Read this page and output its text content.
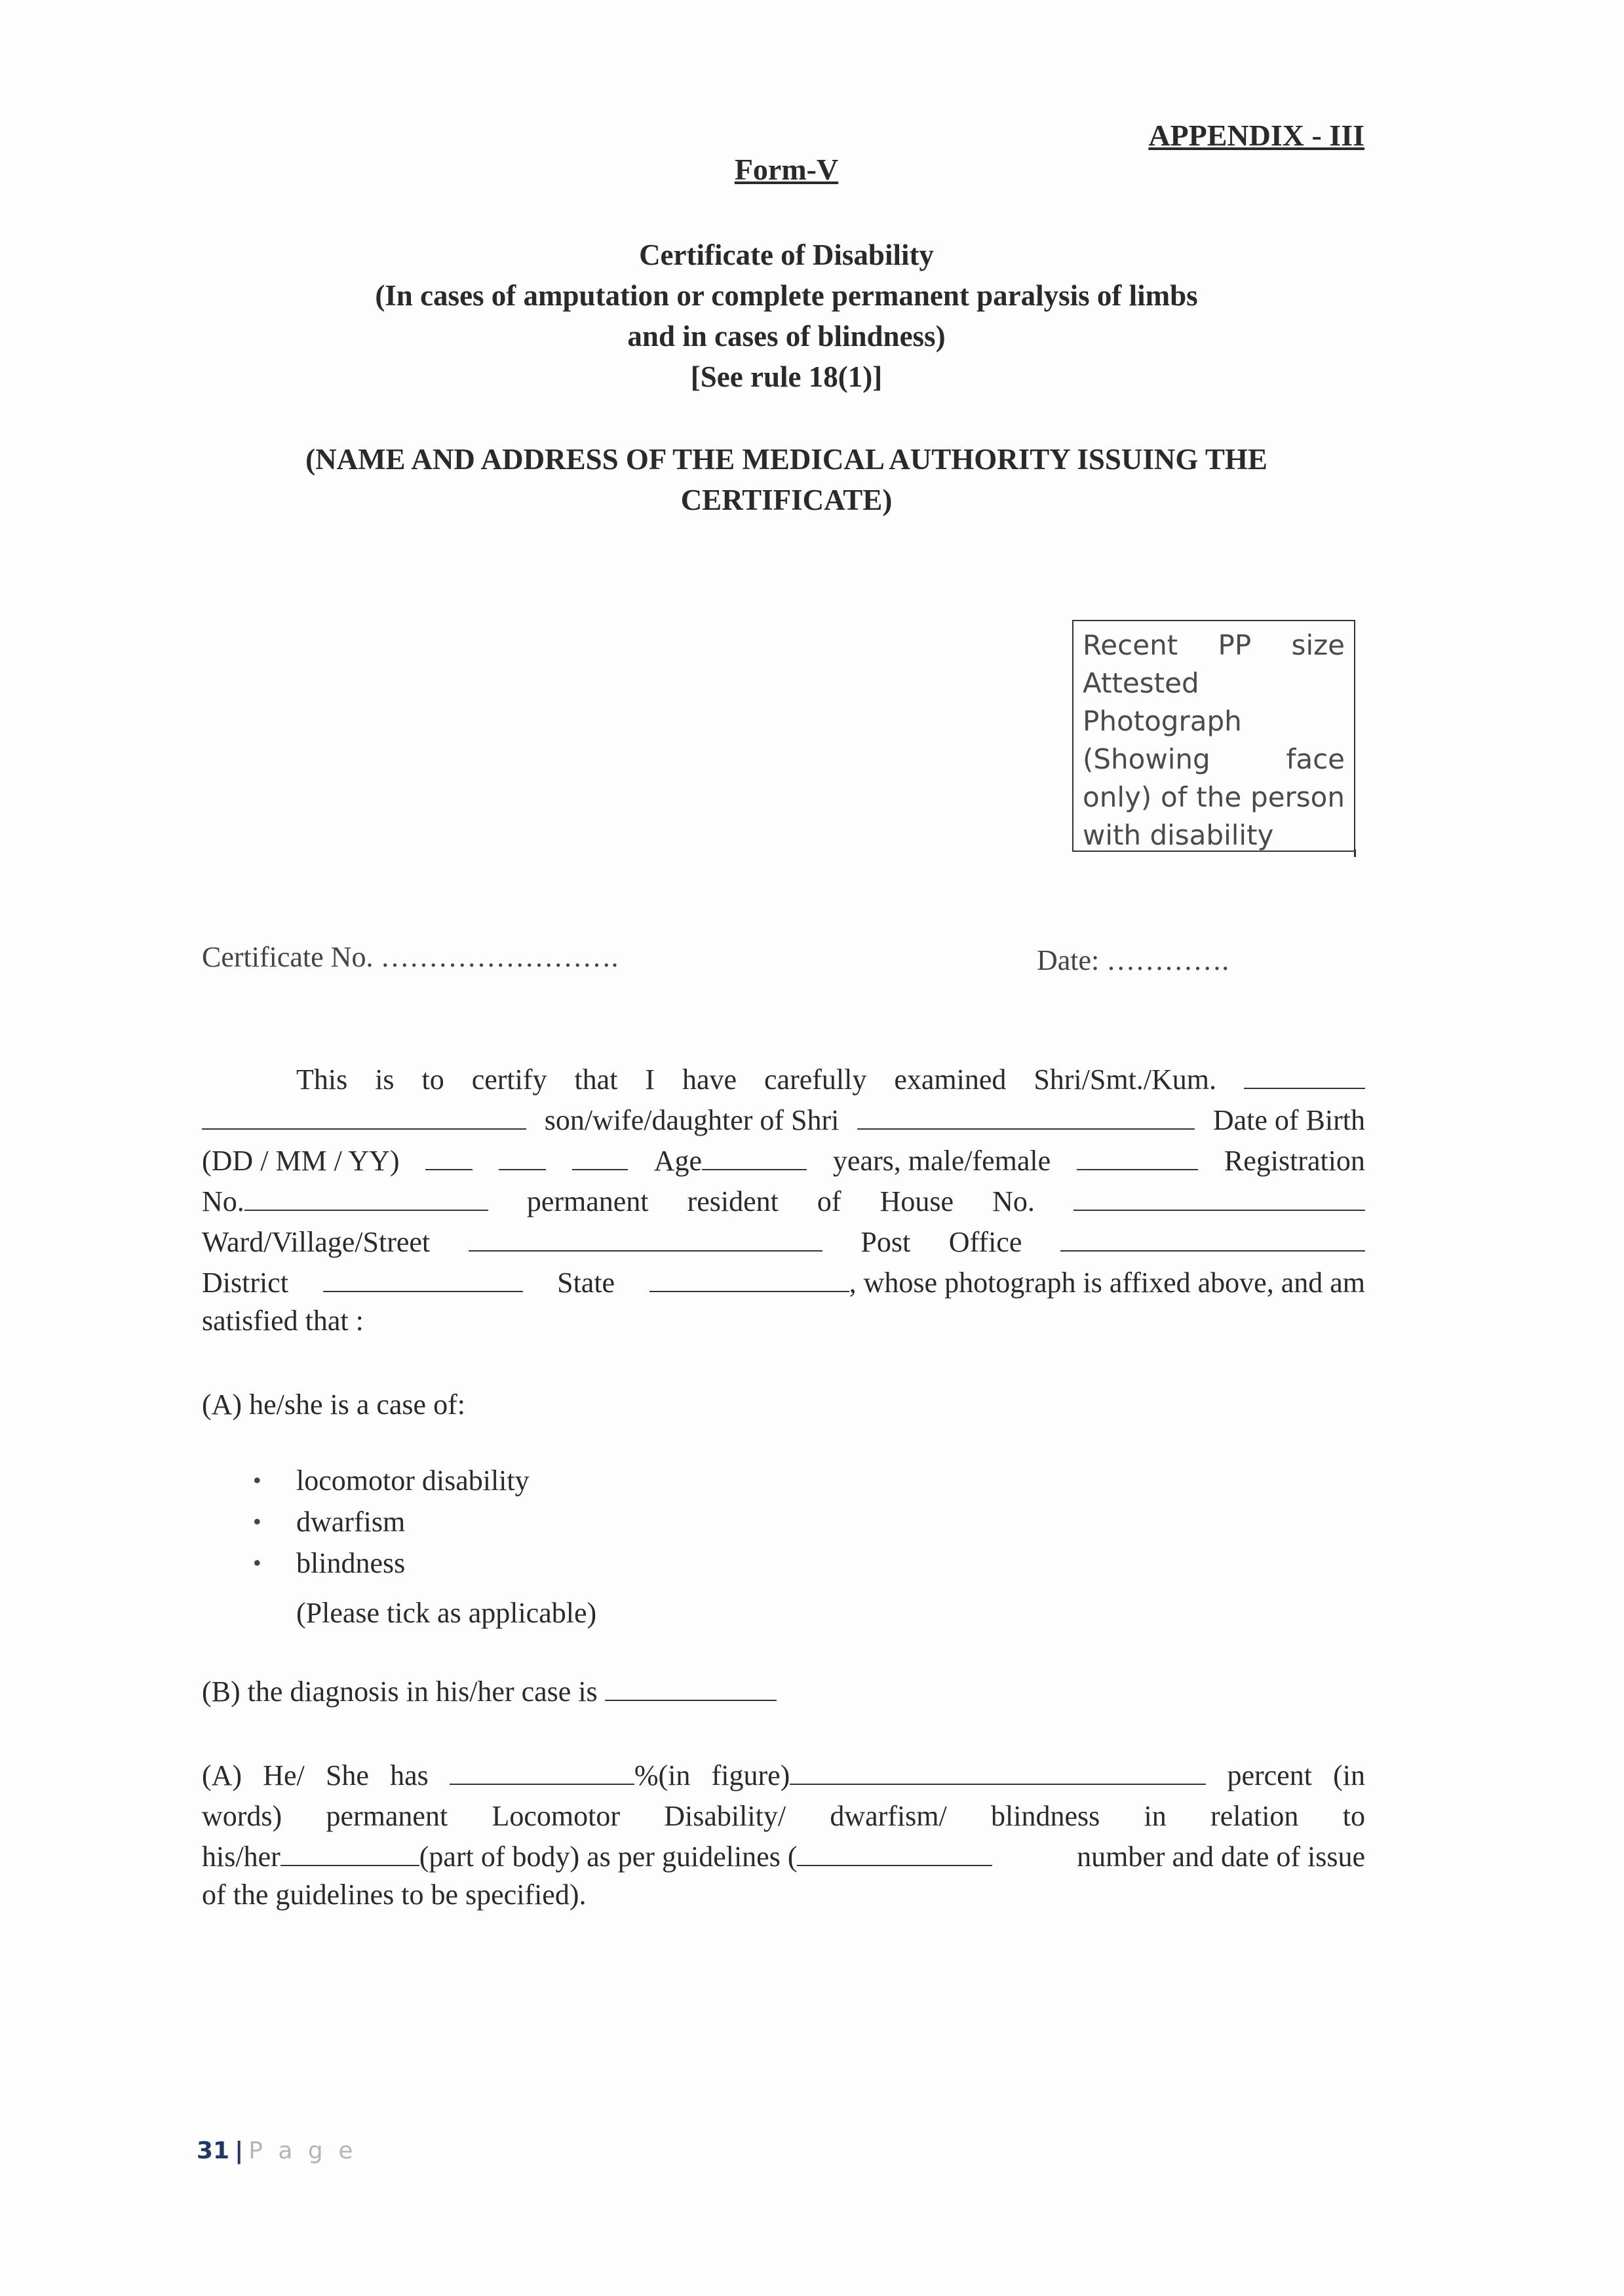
APPENDIX - III
Form-V
Certificate of Disability
(In cases of amputation or complete permanent paralysis of limbs
and in cases of blindness)
[See rule 18(1)]
(NAME AND ADDRESS OF THE MEDICAL AUTHORITY ISSUING THE
CERTIFICATE)
Recent PP size Attested Photograph (Showing face only) of the person with disability
Certificate No. …………………….	Date: ………….
This is to certify that I have carefully examined Shri/Smt./Kum.
son/wife/daughter of Shri	Date of Birth
(DD / MM / YY)	Age	years, male/female	Registration
No.	permanent resident of House No.
Ward/Village/Street	Post Office
District	State	, whose photograph is affixed above, and am
satisfied that :
(A) he/she is a case of:
• locomotor disability
• dwarfism
• blindness
(Please tick as applicable)
(B) the diagnosis in his/her case is
(A) He/ She has	%(in figure)	percent (in
words) permanent Locomotor Disability/ dwarfism/ blindness in relation to
his/her	(part of body) as per guidelines (	number and date of issue
of the guidelines to be specified).
31 | P a g e
